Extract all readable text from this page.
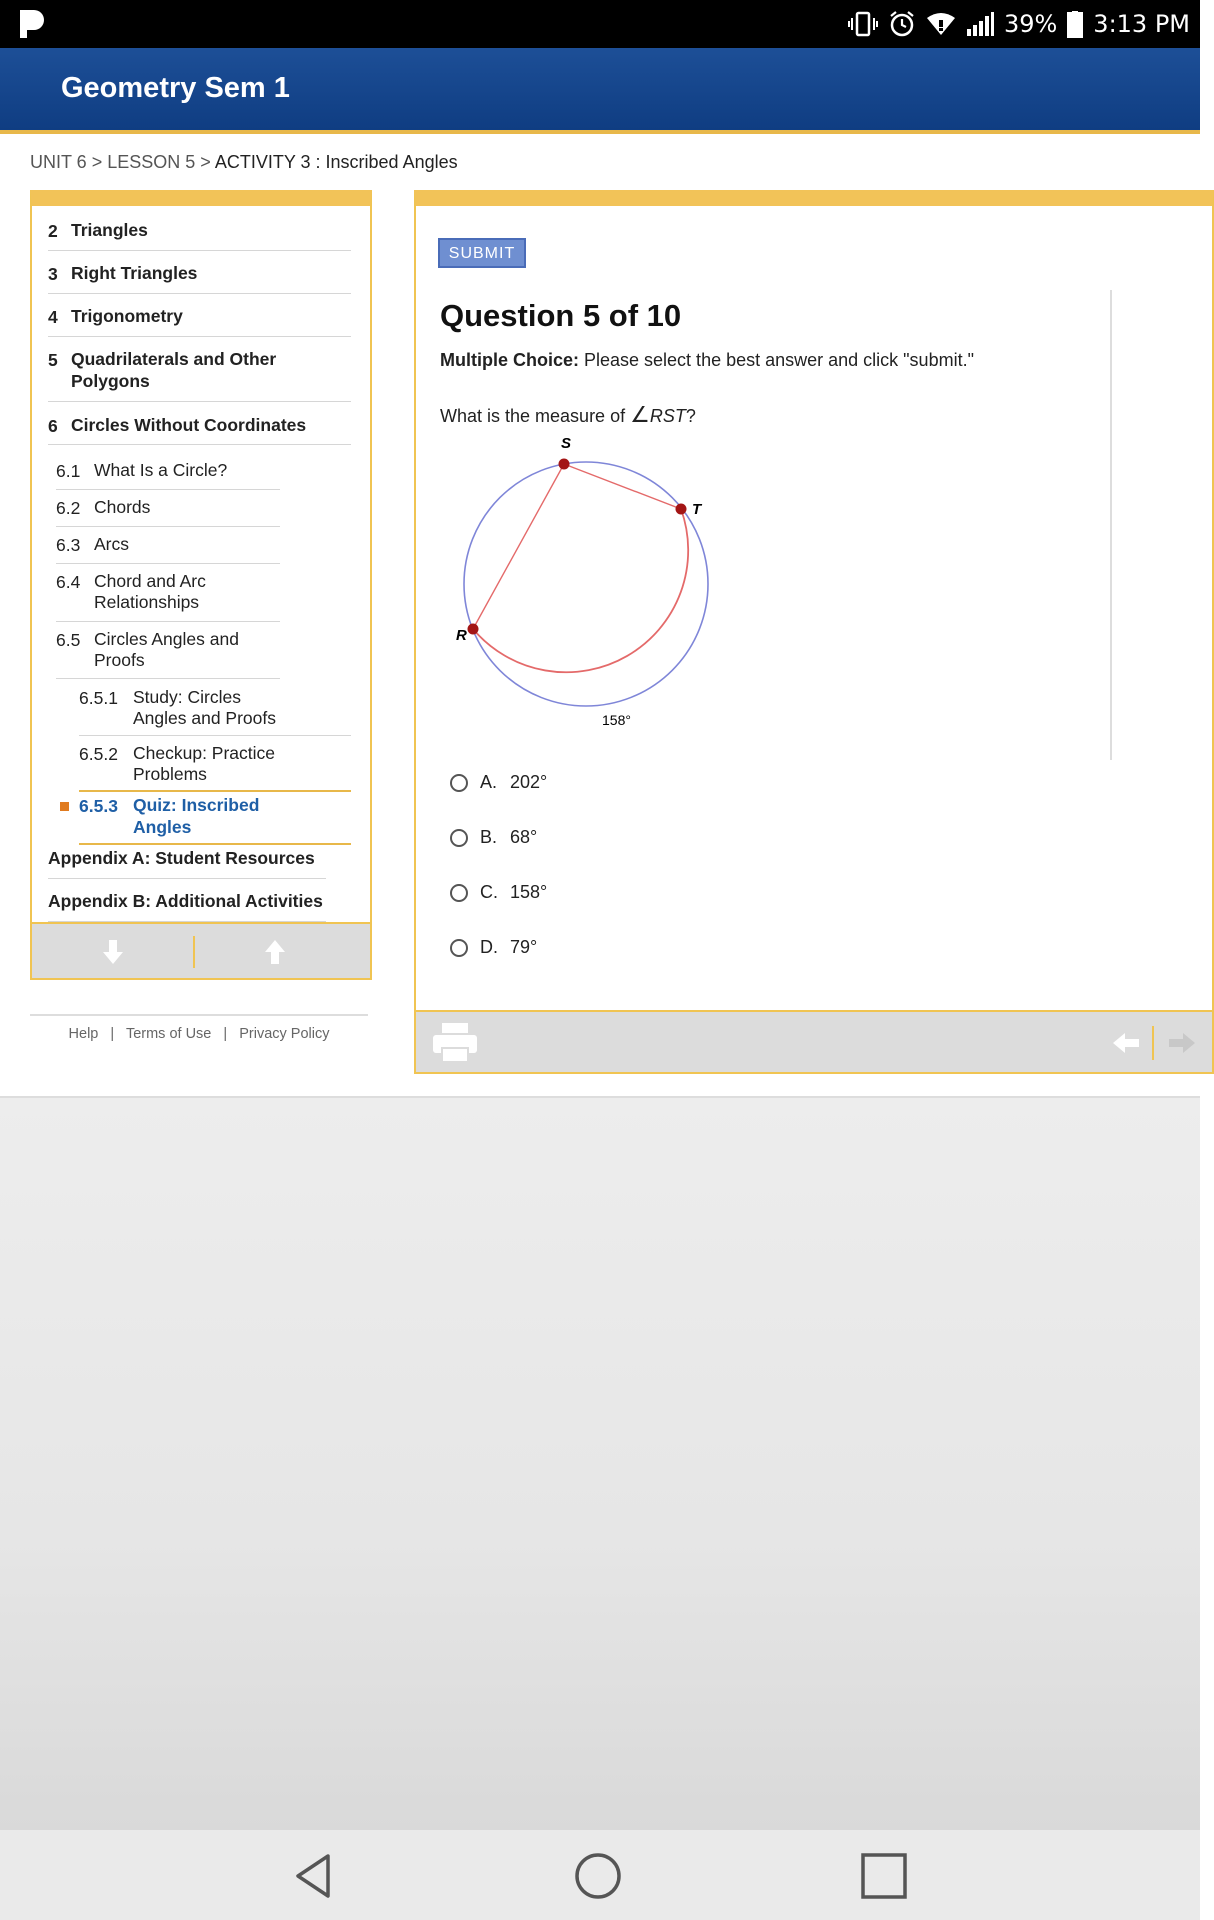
39% 3:13 PM
Geometry Sem 1
UNIT 6 > LESSON 5 > ACTIVITY 3 : Inscribed Angles
2 Triangles
3 Right Triangles
4 Trigonometry
5 Quadrilaterals and Other
Polygons
6 Circles Without Coordinates
6.1 What Is a Circle?
6.2 Chords
6.3 Arcs
6.4 Chord and Arc
Relationships
6.5 Circles Angles and
Proofs
6.5.1 Study: Circles
Angles and Proofs
6.5.2 Checkup: Practice
Problems
6.5.3 Quiz: Inscribed
Angles
Appendix A: Student Resources
Appendix B: Additional Activities
Help | Terms of Use | Privacy Policy
SUBMIT
Question 5 of 10
Multiple Choice: Please select the best answer and click "submit."
What is the measure of ∠RST?
S
T
R
158°
A. 202°
B. 68°
C. 158°
D. 79°
